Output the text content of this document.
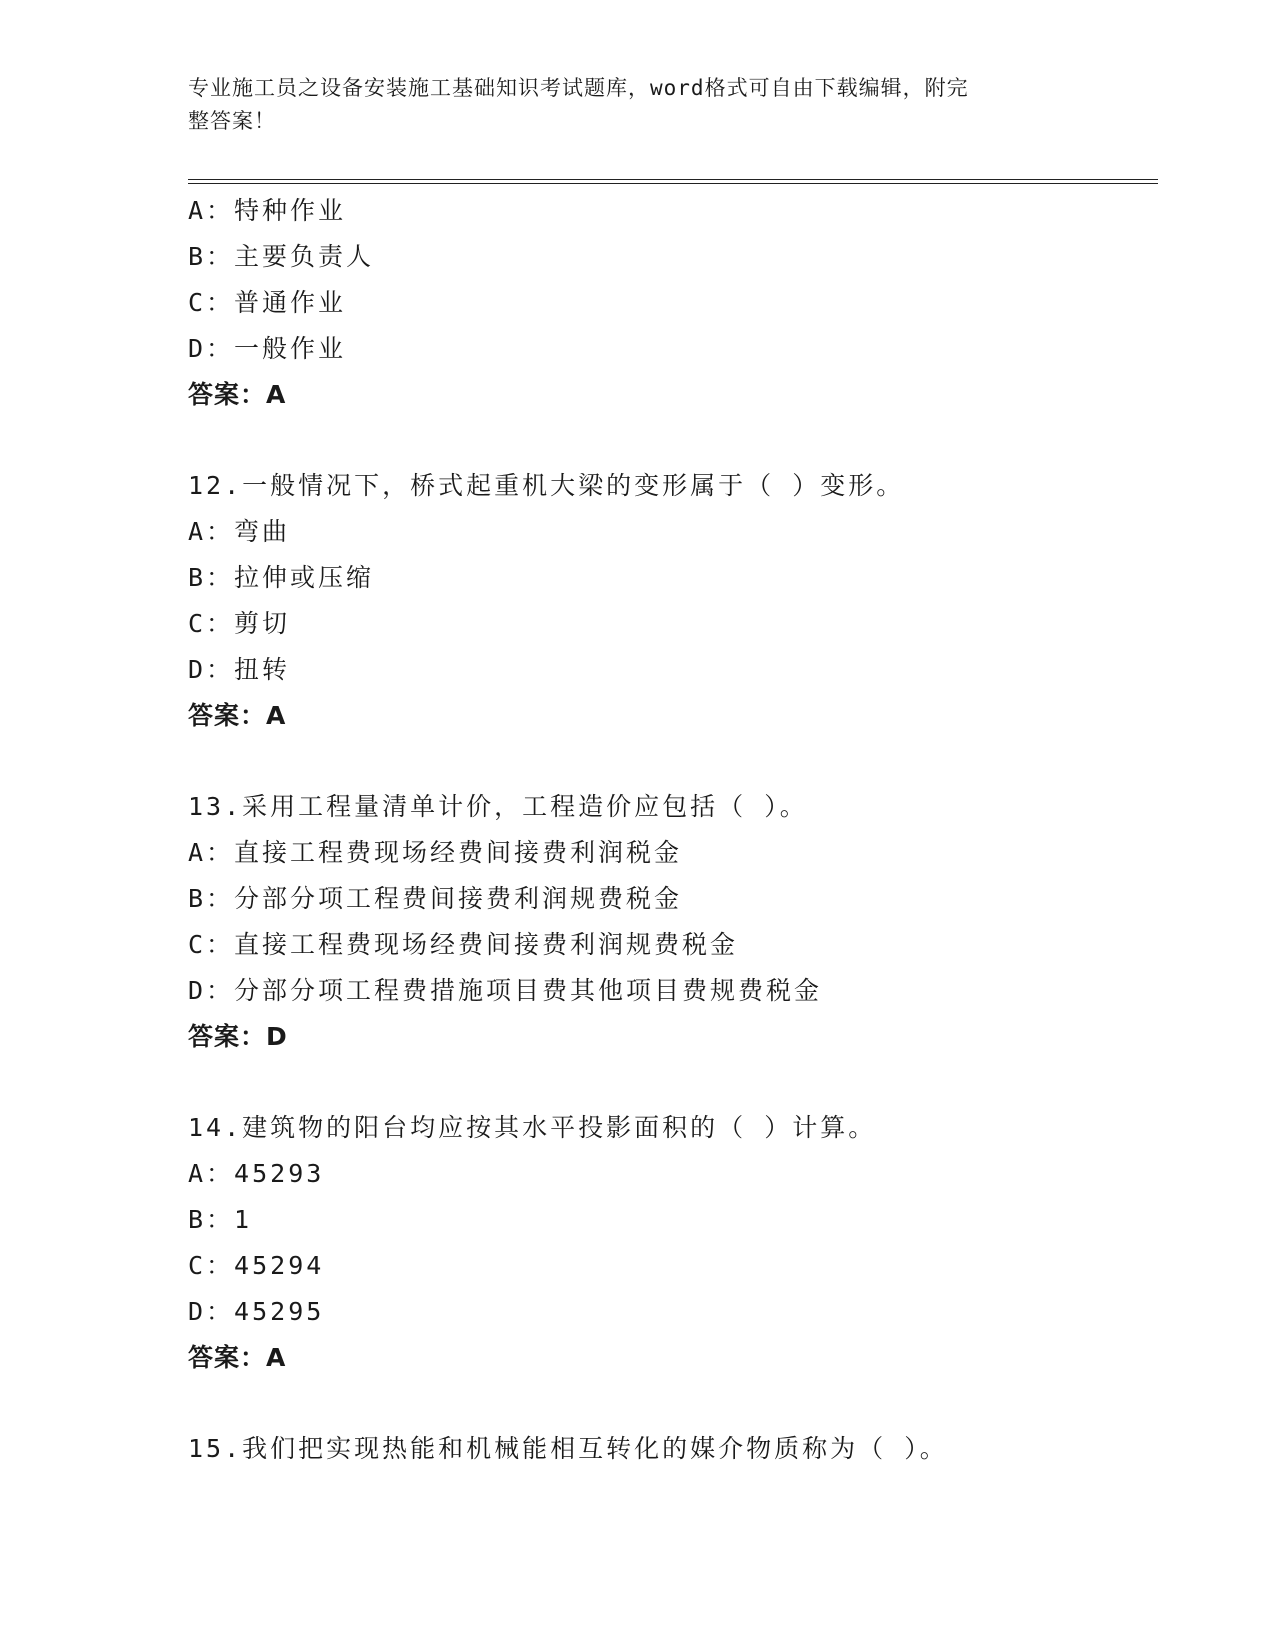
专业施工员之设备安装施工基础知识考试题库，word格式可自由下载编辑，附完
整答案！
A：特种作业
B：主要负责人
C：普通作业
D：一般作业
答案：A
12.一般情况下，桥式起重机大梁的变形属于（ ）变形。
A：弯曲
B：拉伸或压缩
C：剪切
D：扭转
答案：A
13.采用工程量清单计价，工程造价应包括（ ）。
A：直接工程费现场经费间接费利润税金
B：分部分项工程费间接费利润规费税金
C：直接工程费现场经费间接费利润规费税金
D：分部分项工程费措施项目费其他项目费规费税金
答案：D
14.建筑物的阳台均应按其水平投影面积的（ ）计算。
A：45293
B：1
C：45294
D：45295
答案：A
15.我们把实现热能和机械能相互转化的媒介物质称为（ ）。
